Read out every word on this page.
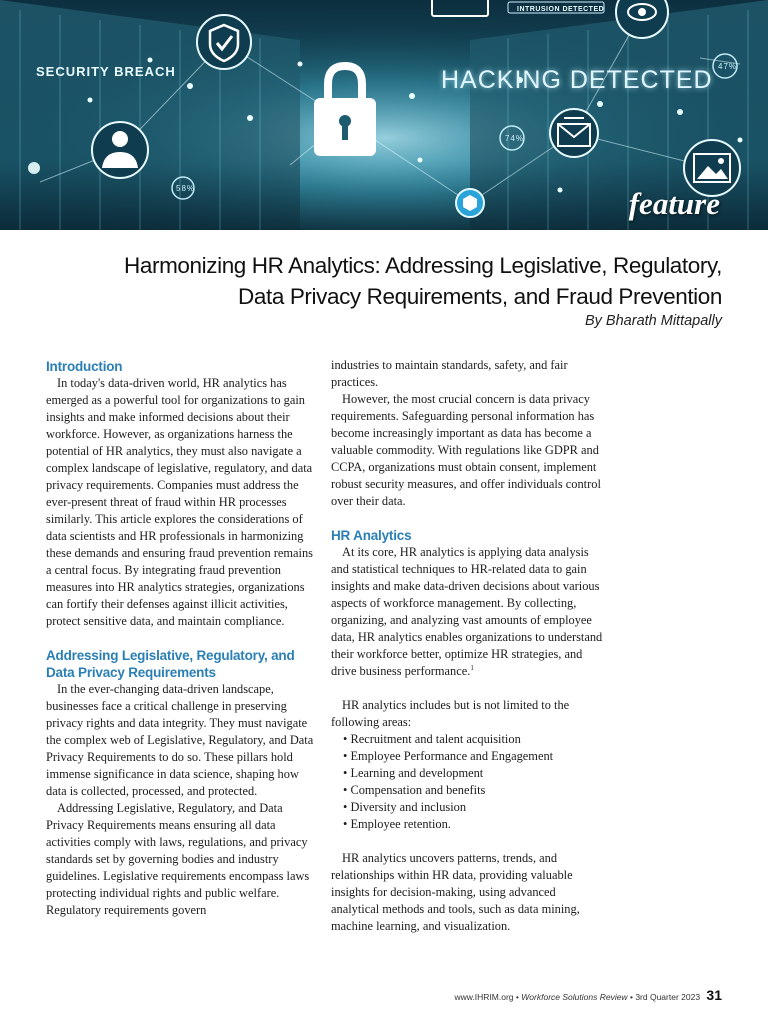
SECURITY BREACH	HACKING DETECTED
INTRUSION DETECTED
47%
74%
58%	feature
Harmonizing HR Analytics: Addressing Legislative, Regulatory,
Data Privacy Requirements, and Fraud Prevention
By Bharath Mittapally
Introduction

In today's data-driven world, HR analytics has emerged as a powerful tool for organizations to gain insights and make informed decisions about their workforce. However, as organizations harness the potential of HR analytics, they must also navigate a complex landscape of legislative, regulatory, and data privacy requirements. Companies must address the ever-present threat of fraud within HR processes similarly. This article explores the considerations of data scientists and HR professionals in harmonizing these demands and ensuring fraud prevention remains a central focus. By integrating fraud prevention measures into HR analytics strategies, organizations can fortify their defenses against illicit activities, protect sensitive data, and maintain compliance.

Addressing Legislative, Regulatory, and Data Privacy Requirements

In the ever-changing data-driven landscape, businesses face a critical challenge in preserving privacy rights and data integrity. They must navigate the complex web of Legislative, Regulatory, and Data Privacy Requirements to do so. These pillars hold immense significance in data science, shaping how data is collected, processed, and protected.

Addressing Legislative, Regulatory, and Data Privacy Requirements means ensuring all data activities comply with laws, regulations, and privacy standards set by governing bodies and industry guidelines. Legislative requirements encompass laws protecting individual rights and public welfare. Regulatory requirements govern

industries to maintain standards, safety, and fair practices.

However, the most crucial concern is data privacy requirements. Safeguarding personal information has become increasingly important as data has become a valuable commodity. With regulations like GDPR and CCPA, organizations must obtain consent, implement robust security measures, and offer individuals control over their data.

HR Analytics

At its core, HR analytics is applying data analysis and statistical techniques to HR-related data to gain insights and make data-driven decisions about various aspects of workforce management. By collecting, organizing, and analyzing vast amounts of employee data, HR analytics enables organizations to understand their workforce better, optimize HR strategies, and drive business performance.$^1$

HR analytics includes but is not limited to the following areas:

• Recruitment and talent acquisition
• Employee Performance and Engagement
• Learning and development
• Compensation and benefits
• Diversity and inclusion
• Employee retention.

HR analytics uncovers patterns, trends, and relationships within HR data, providing valuable insights for decision-making, using advanced analytical methods and tools, such as data mining, machine learning, and visualization.

www.IHRIM.org • Workforce Solutions Review • 3rd Quarter 2023 31
